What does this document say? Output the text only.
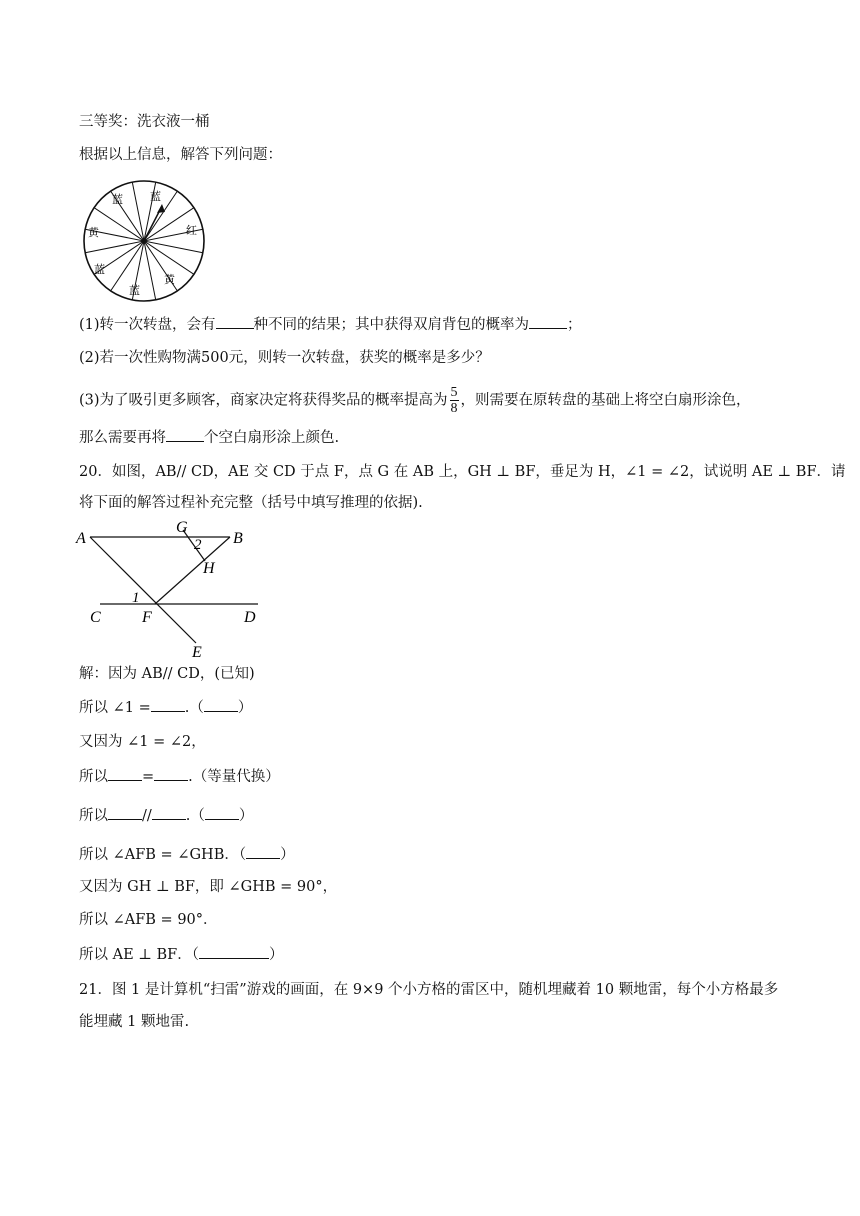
三等奖：洗衣液一桶
根据以上信息，解答下列问题：
蓝
蓝
红
黄
蓝
黄
蓝
(1)转一次转盘，会有	种不同的结果；其中获得双肩背包的概率为	；
(2)若一次性购物满500元，则转一次转盘，获奖的概率是多少？
(3)为了吸引更多顾客，商家决定将获得奖品的概率提高为 $\frac{5}{8}$ ，则需要在原转盘的基础上将空白扇形涂色，
那么需要再将	个空白扇形涂上颜色.
20．如图，AB// CD，AE 交 CD 于点 F，点 G 在 AB 上，GH ⊥ BF，垂足为 H，∠1 = ∠2，试说明 AE ⊥ BF．请
将下面的解答过程补充完整（括号中填写推理的依据).
A
G
B
2
H
1
C	F	D
E
解：因为 AB// CD，(已知)
所以 ∠1 = .（ ）
又因为 ∠1 = ∠2，
所以 = .（等量代换）
所以 // .（ ）
所以 ∠AFB = ∠GHB．（ ）
又因为 GH ⊥ BF，即 ∠GHB = 90°，
所以 ∠AFB = 90°．
所以 AE ⊥ BF．（	）
21．图 1 是计算机“扫雷”游戏的画面，在 9×9 个小方格的雷区中，随机埋藏着 10 颗地雷，每个小方格最多
能埋藏 1 颗地雷.
